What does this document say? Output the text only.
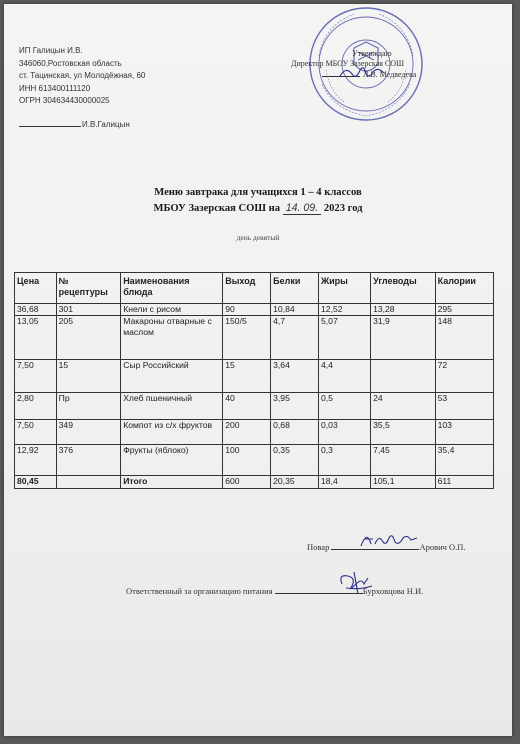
ИП Галицын И.В.
346060,Ростовская область
ст. Тацинская, ул Молодёжная, 60
ИНН 613400111120
ОГРН 304634430000025
И.В.Галицын
Утверждаю
Директор МБОУ Зазерская СОШ
Л.В. Медведева
Меню завтрака для учащихся 1 – 4 классов
МБОУ Зазерская СОШ на 14. 09. 2023 год
день девятый
Цена	№ рецептуры	Наименования блюда	Выход	Белки	Жиры	Углеводы	Калории
36,68	301	Кнели с рисом	90	10,84	12,52	13,28	295
13,05	205	Макароны отварные с маслом	150/5	4,7	5,07	31,9	148
7,50	15	Сыр Российский	15	3,64	4,4		72
2,80	Пр	Хлеб пшеничный	40	3,95	0,5	24	53
7,50	349	Компот из с/х фруктов	200	0,68	0,03	35,5	103
12,92	376	Фрукты (яблоко)	100	0,35	0,3	7,45	35,4
80,45		Итого	600	20,35	18,4	105,1	611
Повар	Арович О.П.
Ответственный за организацию питания	Бурховцова Н.И.
